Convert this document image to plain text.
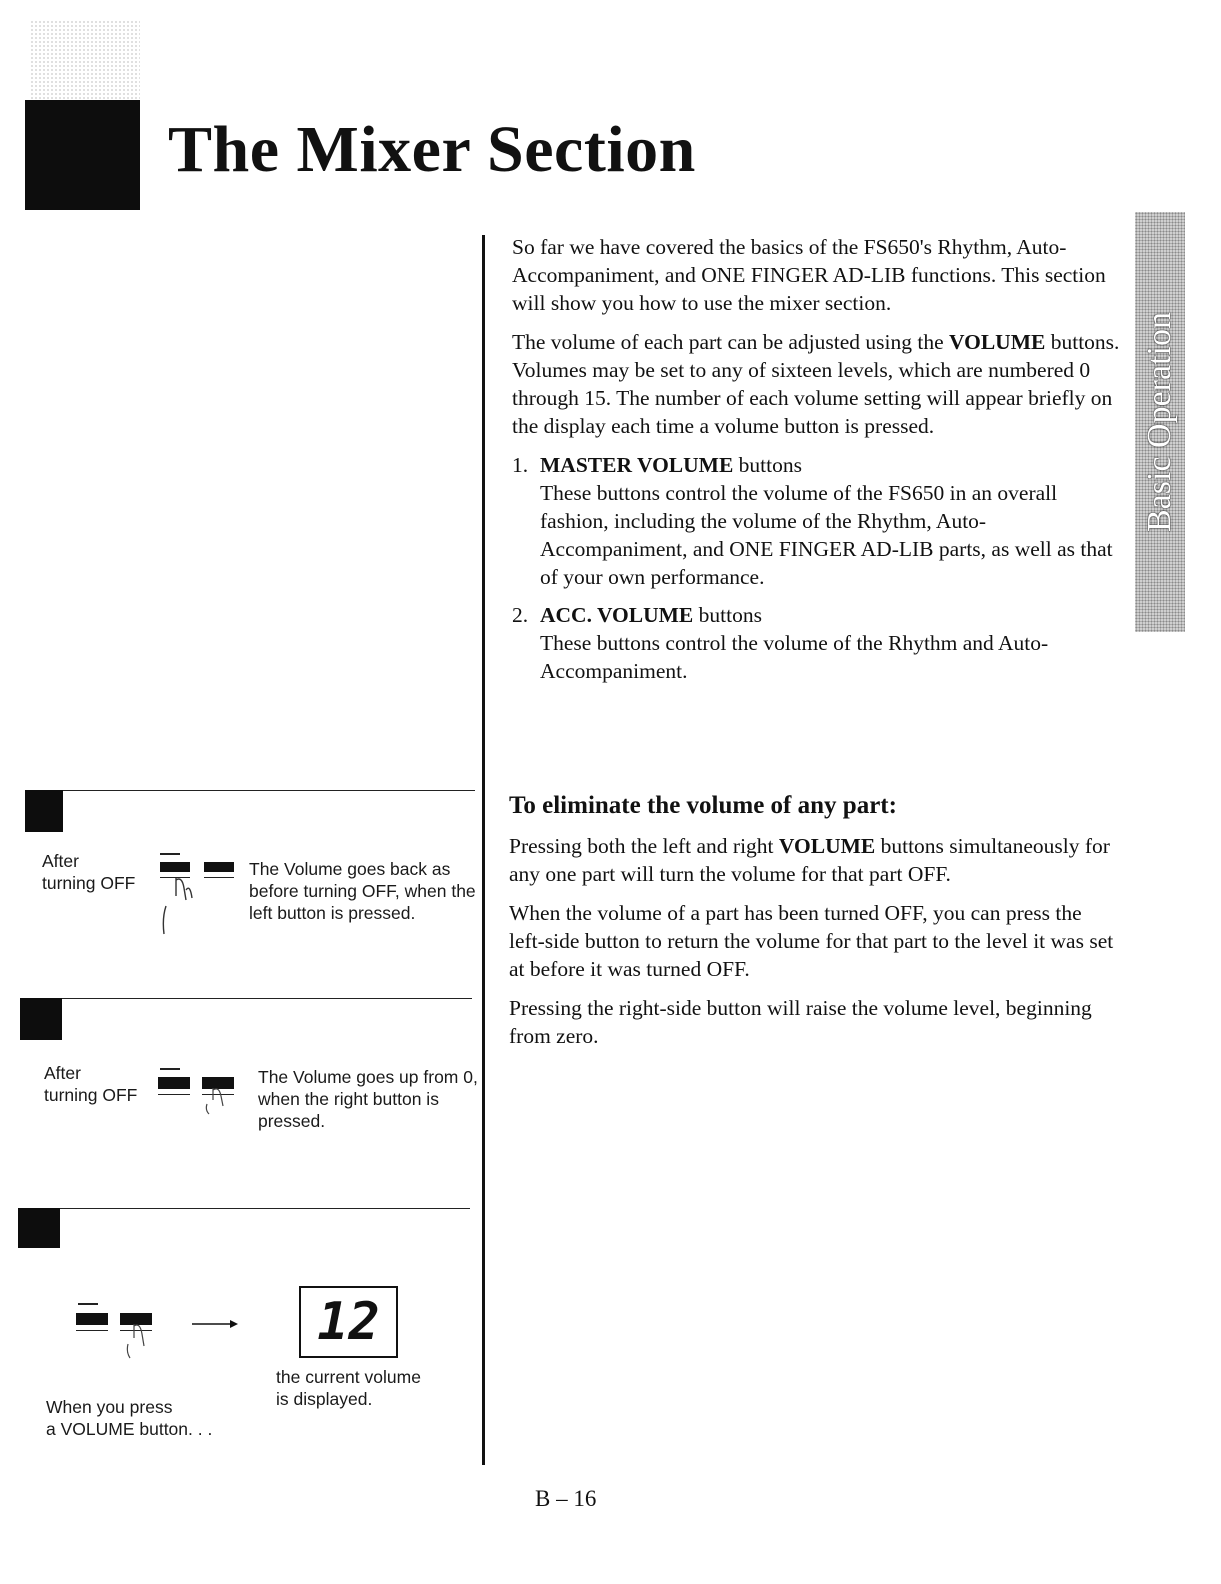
The Mixer Section
Basic Operation

So far we have covered the basics of the FS650's Rhythm, Auto-Accompaniment, and ONE FINGER AD-LIB functions. This section will show you how to use the mixer section.

The volume of each part can be adjusted using the VOLUME buttons. Volumes may be set to any of sixteen levels, which are numbered 0 through 15. The number of each volume setting will appear briefly on the display each time a volume button is pressed.

1. MASTER VOLUME buttons
These buttons control the volume of the FS650 in an overall fashion, including the volume of the Rhythm, Auto-Accompaniment, and ONE FINGER AD-LIB parts, as well as that of your own performance.
2. ACC. VOLUME buttons
These buttons control the volume of the Rhythm and Auto-Accompaniment.
To eliminate the volume of any part:

Pressing both the left and right VOLUME buttons simultaneously for any one part will turn the volume for that part OFF.

When the volume of a part has been turned OFF, you can press the left-side button to return the volume for that part to the level it was set at before it was turned OFF.

Pressing the right-side button will raise the volume level, beginning from zero.

After
turning OFF
The Volume goes back as before turning OFF, when the left button is pressed.
After
turning OFF
The Volume goes up from 0, when the right button is pressed.
12
When you press
a VOLUME button. . .
the current volume
is displayed.
B – 16
